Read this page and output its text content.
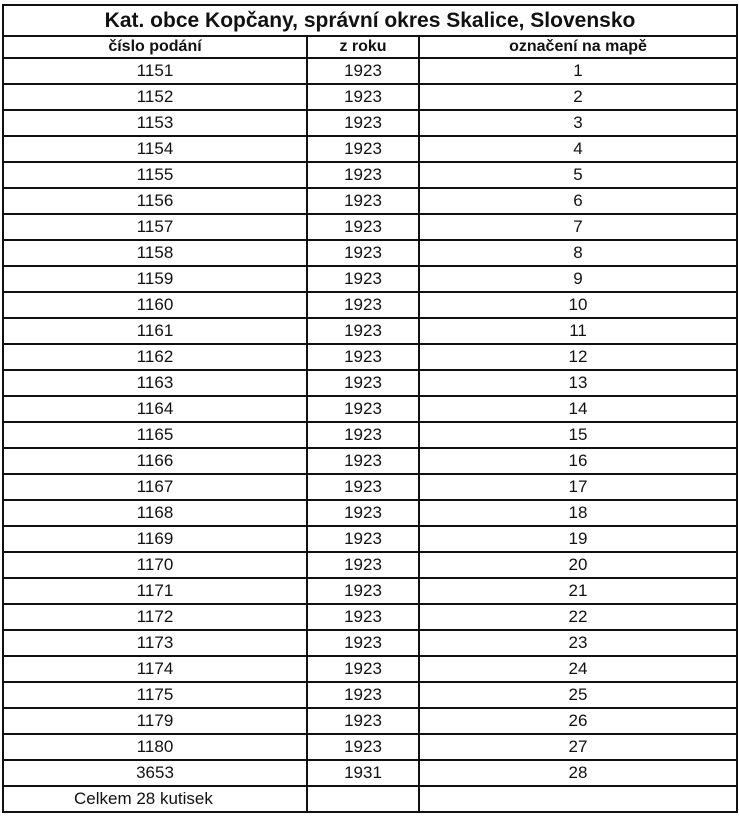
Kat. obce Kopčany, správní okres Skalice, Slovensko		
číslo podání	z roku	označení na mapě
1151	1923	1
1152	1923	2
1153	1923	3
1154	1923	4
1155	1923	5
1156	1923	6
1157	1923	7
1158	1923	8
1159	1923	9
1160	1923	10
1161	1923	11
1162	1923	12
1163	1923	13
1164	1923	14
1165	1923	15
1166	1923	16
1167	1923	17
1168	1923	18
1169	1923	19
1170	1923	20
1171	1923	21
1172	1923	22
1173	1923	23
1174	1923	24
1175	1923	25
1179	1923	26
1180	1923	27
3653	1931	28
Celkem 28 kutisek		
